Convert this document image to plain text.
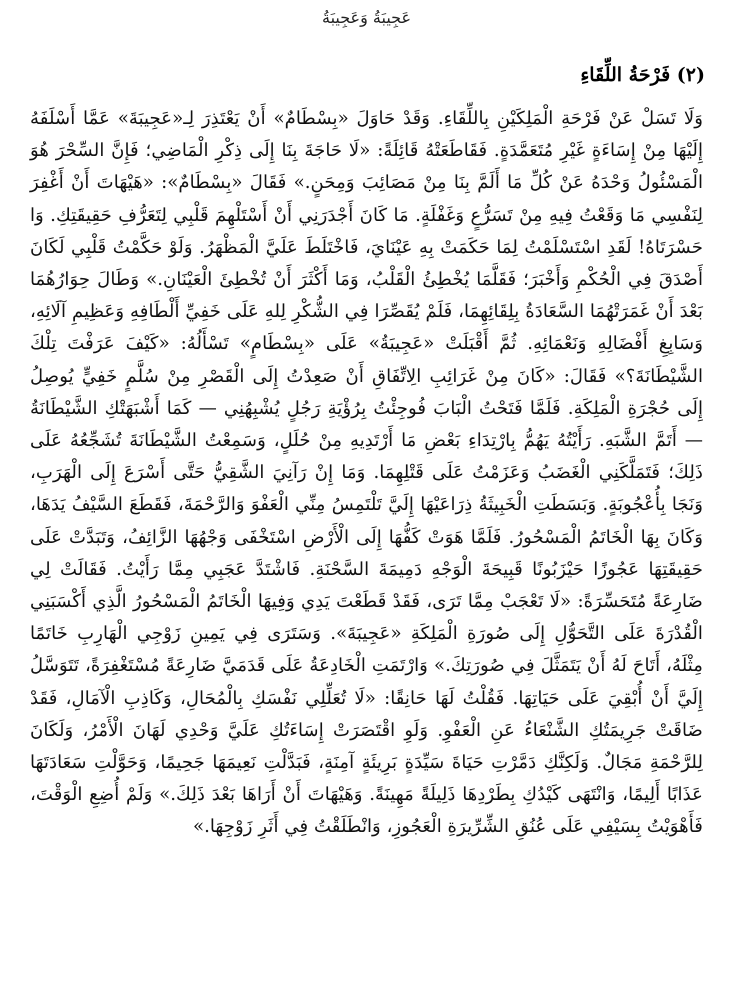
عَجِيبَةُ وَعَجِيبَةُ
(٢) فَرْحَةُ اللِّقَاءِ

وَلَا تَسَلْ عَنْ فَرْحَةِ الْمَلِكَيْنِ بِاللِّقَاءِ. وَقَدْ حَاوَلَ «بِسْطَامٌ» أَنْ يَعْتَذِرَ لِـ«عَجِيبَةَ» عَمَّا أَسْلَفَهُ إِلَيْهَا مِنْ إِسَاءَةٍ غَيْرِ مُتَعَمَّدَةٍ. فَقَاطَعَتْهُ قَائِلَةً: «لَا حَاجَةَ بِنَا إِلَى ذِكْرِ الْمَاضِي؛ فَإِنَّ السِّحْرَ هُوَ الْمَسْئُولُ وَحْدَهُ عَنْ كُلِّ مَا أَلَمَّ بِنَا مِنْ مَصَائِبَ وَمِحَنٍ.» فَقَالَ «بِسْطَامٌ»: «هَيْهَاتَ أَنْ أَغْفِرَ لِنَفْسِي مَا وَقَعْتُ فِيهِ مِنْ تَسَرُّعٍ وَغَفْلَةٍ. مَا كَانَ أَجْدَرَنِي أَنْ أَسْتَلْهِمَ قَلْبِي لِتَعَرُّفِ حَقِيقَتِكِ. وَا حَسْرَتَاهُ! لَقَدِ اسْتَسْلَمْتُ لِمَا حَكَمَتْ بِهِ عَيْنَايَ، فَاخْتَلَطَ عَلَيَّ الْمَظْهَرُ. وَلَوْ حَكَّمْتُ قَلْبِي لَكَانَ أَصْدَقَ فِي الْحُكْمِ وَأَخْبَرَ؛ فَقَلَّمَا يُخْطِئُ الْقَلْبُ، وَمَا أَكْثَرَ أَنْ تُخْطِئَ الْعَيْنَانِ.» وَطَالَ حِوَارُهُمَا بَعْدَ أَنْ غَمَرَتْهُمَا السَّعَادَةُ بِلِقَائِهِمَا، فَلَمْ يُقَصِّرَا فِي الشُّكْرِ لِلهِ عَلَى خَفِيِّ أَلْطَافِهِ وَعَظِيمِ آلَائِهِ، وَسَابِغِ أَفْضَالِهِ وَنَعْمَائِهِ. ثُمَّ أَقْبَلَتْ «عَجِيبَةُ» عَلَى «بِسْطَامٍ» تَسْأَلُهُ: «كَيْفَ عَرَفْتَ تِلْكَ الشَّيْطَانَةَ؟» فَقَالَ: «كَانَ مِنْ غَرَائِبِ الِاتِّفَاقِ أَنْ صَعِدْتُ إِلَى الْقَصْرِ مِنْ سُلَّمٍ خَفِيٍّ يُوصِلُ إِلَى حُجْرَةِ الْمَلِكَةِ. فَلَمَّا فَتَحْتُ الْبَابَ فُوجِئْتُ بِرُؤْيَةِ رَجُلٍ يُشْبِهُنِي — كَمَا أَشْبَهَتْكِ الشَّيْطَانَةُ — أَتَمَّ الشَّبَهِ. رَأَيْتُهُ يَهُمُّ بِارْتِدَاءِ بَعْضِ مَا أَرْتَدِيهِ مِنْ حُلَلٍ، وَسَمِعْتُ الشَّيْطَانَةَ تُشَجِّعُهُ عَلَى ذَلِكَ؛ فَتَمَلَّكَنِي الْغَضَبُ وَعَزَمْتُ عَلَى قَتْلِهِمَا. وَمَا إِنْ رَآنِيَ الشَّقِيُّ حَتَّى أَسْرَعَ إِلَى الْهَرَبِ، وَنَجَا بِأُعْجُوبَةٍ. وَبَسَطَتِ الْخَبِيثَةُ ذِرَاعَيْهَا إِلَيَّ تَلْتَمِسُ مِنِّي الْعَفْوَ وَالرَّحْمَةَ، فَقَطَعَ السَّيْفُ يَدَهَا، وَكَانَ بِهَا الْخَاتَمُ الْمَسْحُورُ. فَلَمَّا هَوَتْ كَفُّهَا إِلَى الْأَرْضِ اسْتَخْفَى وَجْهُهَا الزَّائِفُ، وَتَبَدَّتْ عَلَى حَقِيقَتِهَا عَجُوزًا حَيْزَبُونًا قَبِيحَةَ الْوَجْهِ دَمِيمَةَ السَّحْنَةِ. فَاشْتَدَّ عَجَبِي مِمَّا رَأَيْتُ. فَقَالَتْ لِي ضَارِعَةً مُتَحَسِّرَةً: «لَا تَعْجَبْ مِمَّا تَرَى، فَقَدْ قَطَعْتَ يَدِي وَفِيهَا الْخَاتَمُ الْمَسْحُورُ الَّذِي أَكْسَبَنِي الْقُدْرَةَ عَلَى التَّحَوُّلِ إِلَى صُورَةِ الْمَلِكَةِ «عَجِيبَةَ». وَسَتَرَى فِي يَمِينِ زَوْجِي الْهَارِبِ خَاتَمًا مِثْلَهُ، أَتَاحَ لَهُ أَنْ يَتَمَثَّلَ فِي صُورَتِكَ.» وَارْتَمَتِ الْخَادِعَةُ عَلَى قَدَمَيَّ ضَارِعَةً مُسْتَغْفِرَةً، تَتَوَسَّلُ إِلَيَّ أَنْ أُبْقِيَ عَلَى حَيَاتِهَا. فَقُلْتُ لَهَا حَانِقًا: «لَا تُعَلِّلِي نَفْسَكِ بِالْمُحَالِ، وَكَاذِبِ الْآمَالِ، فَقَدْ ضَاقَتْ جَرِيمَتُكِ الشَّنْعَاءُ عَنِ الْعَفْوِ. وَلَوِ اقْتَصَرَتْ إِسَاءَتُكِ عَلَيَّ وَحْدِي لَهَانَ الْأَمْرُ، وَلَكَانَ لِلرَّحْمَةِ مَجَالٌ. وَلَكِنَّكِ دَمَّرْتِ حَيَاةَ سَيِّدَةٍ بَرِيئَةٍ آمِنَةٍ، فَبَدَّلْتِ نَعِيمَهَا جَحِيمًا، وَحَوَّلْتِ سَعَادَتَهَا عَذَابًا أَلِيمًا، وَانْتَهَى كَيْدُكِ بِطَرْدِهَا ذَلِيلَةً مَهِينَةً. وَهَيْهَاتَ أَنْ أَرَاهَا بَعْدَ ذَلِكَ.» وَلَمْ أُضِعِ الْوَقْتَ، فَأَهْوَيْتُ بِسَيْفِي عَلَى عُنُقِ الشِّرِّيرَةِ الْعَجُوزِ، وَانْطَلَقْتُ فِي أَثَرِ زَوْجِهَا.»
